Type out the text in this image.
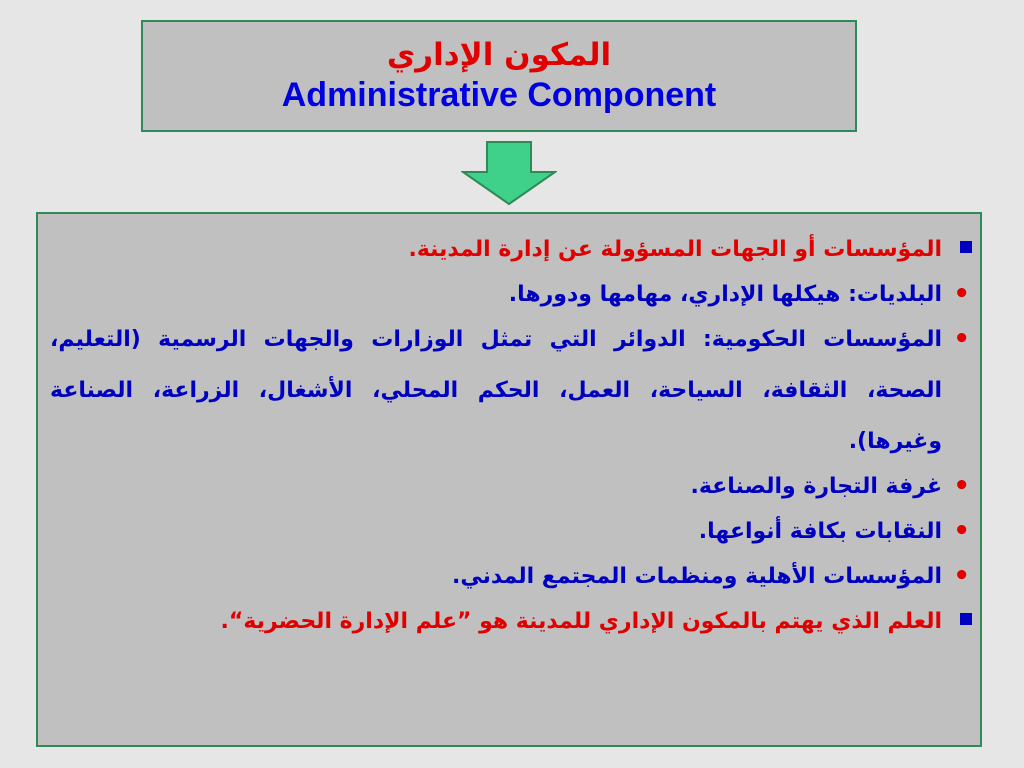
المكون الإداري
Administrative Component
المؤسسات أو الجهات المسؤولة عن إدارة المدينة.
•
البلديات: هيكلها الإداري، مهامها ودورها.
•
المؤسسات الحكومية: الدوائر التي تمثل الوزارات والجهات الرسمية (التعليم، الصحة، الثقافة، السياحة، العمل، الحكم المحلي، الأشغال، الزراعة، الصناعة وغيرها).
•
غرفة التجارة والصناعة.
•
النقابات بكافة أنواعها.
•
المؤسسات الأهلية ومنظمات المجتمع المدني.
العلم الذي يهتم بالمكون الإداري للمدينة هو ”علم الإدارة الحضرية“.
